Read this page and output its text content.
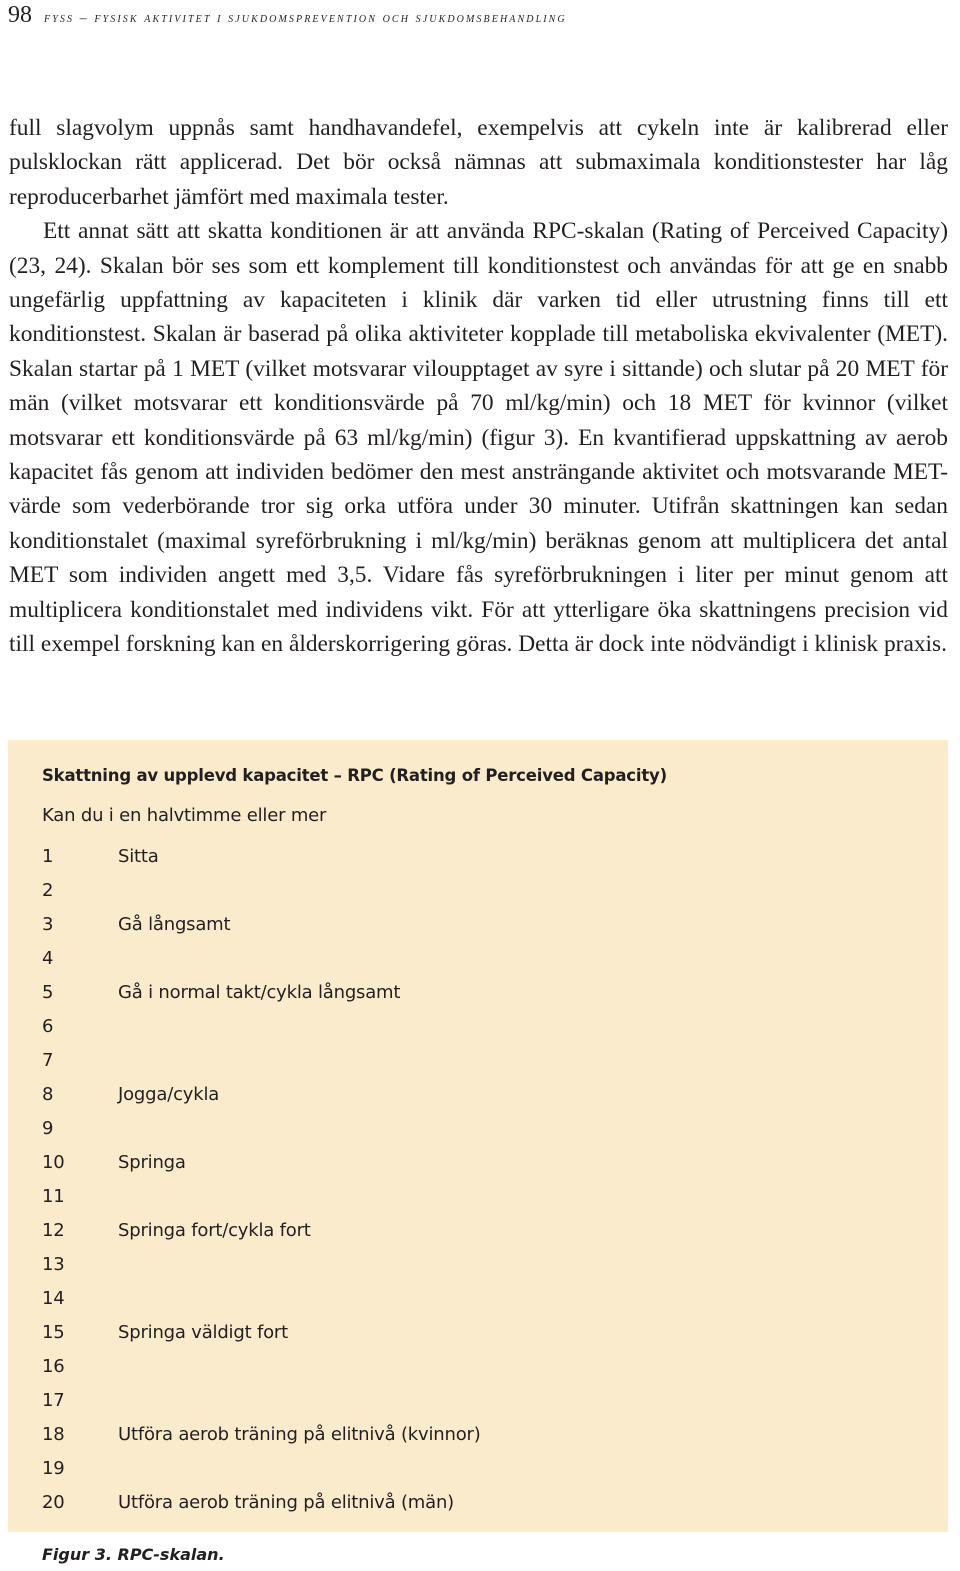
98 fyss – fysisk aktivitet i sjukdomsprevention och sjukdomsbehandling

full slagvolym uppnås samt handhavandefel, exempelvis att cykeln inte är kalibrerad eller pulsklockan rätt applicerad. Det bör också nämnas att submaximala konditionstester har låg reproducerbarhet jämfört med maximala tester.

Ett annat sätt att skatta konditionen är att använda RPC-skalan (Rating of Perceived Capacity) (23, 24). Skalan bör ses som ett komplement till konditionstest och användas för att ge en snabb ungefärlig uppfattning av kapaciteten i klinik där varken tid eller utrustning finns till ett konditionstest. Skalan är baserad på olika aktiviteter kopplade till metaboliska ekvivalenter (MET). Skalan startar på 1 MET (vilket motsvarar viloupptaget av syre i sittande) och slutar på 20 MET för män (vilket motsvarar ett konditionsvärde på 70 ml/kg/min) och 18 MET för kvinnor (vilket motsvarar ett konditionsvärde på 63 ml/kg/min) (figur 3). En kvantifierad uppskattning av aerob kapacitet fås genom att individen bedömer den mest ansträngande aktivitet och motsvarande MET-värde som vederbörande tror sig orka utföra under 30 minuter. Utifrån skattningen kan sedan konditionstalet (maximal syreförbrukning i ml/kg/min) beräknas genom att multiplicera det antal MET som individen angett med 3,5. Vidare fås syreförbrukningen i liter per minut genom att multiplicera konditionstalet med individens vikt. För att ytterligare öka skattningens precision vid till exempel forskning kan en ålderskorrigering göras. Detta är dock inte nödvändigt i klinisk praxis.

Skattning av upplevd kapacitet – RPC (Rating of Perceived Capacity)
Kan du i en halvtimme eller mer
1	Sitta
2
3	Gå långsamt
4
5	Gå i normal takt/cykla långsamt
6
7
8	Jogga/cykla
9
10	Springa
11
12	Springa fort/cykla fort
13
14
15	Springa väldigt fort
16
17
18	Utföra aerob träning på elitnivå (kvinnor)
19
20	Utföra aerob träning på elitnivå (män)
Figur 3. RPC-skalan.
